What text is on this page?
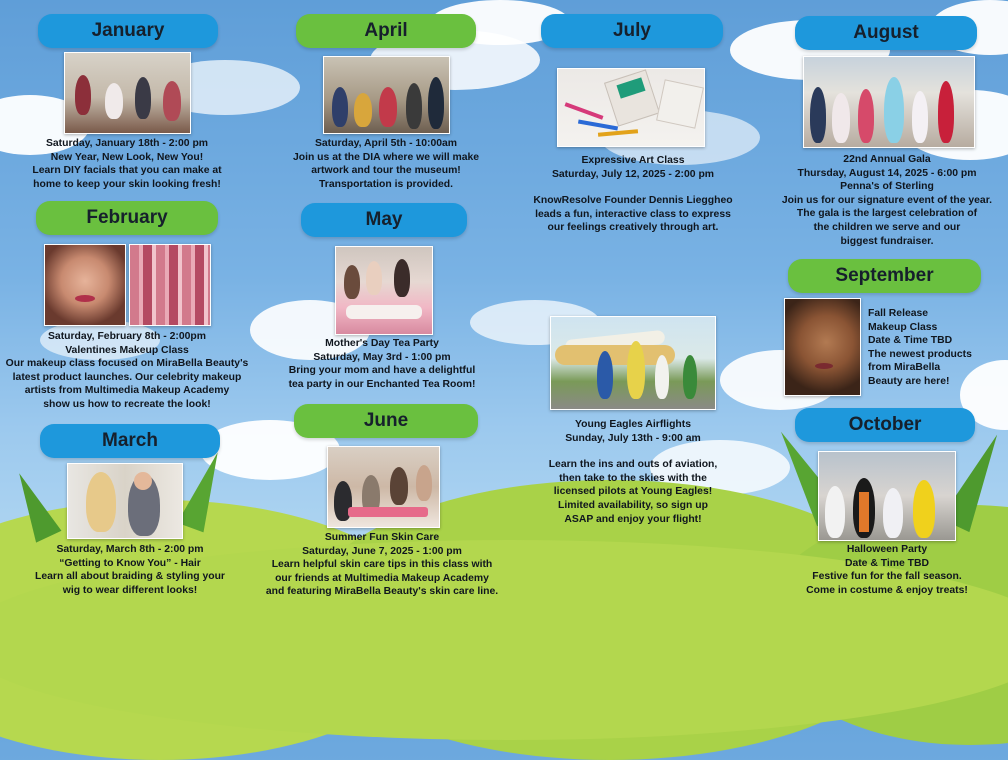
January
Saturday, January 18th - 2:00 pm
New Year, New Look, New You!
Learn DIY facials that you can make at
home to keep your skin looking fresh!
February
Saturday, February 8th - 2:00pm
Valentines Makeup Class
Our makeup class focused on MiraBella Beauty's
latest product launches. Our celebrity makeup
artists from Multimedia Makeup Academy
show us how to recreate the look!
March
Saturday, March 8th - 2:00 pm
“Getting to Know You” - Hair
Learn all about braiding & styling your
wig to wear different looks!
April
Saturday, April 5th - 10:00am
Join us at the DIA where we will make
artwork and tour the museum!
Transportation is provided.
May
Mother's Day Tea Party
Saturday, May 3rd - 1:00 pm
Bring your mom and have a delightful
tea party in our Enchanted Tea Room!
June
Summer Fun Skin Care
Saturday, June 7, 2025 - 1:00 pm
Learn helpful skin care tips in this class with
our friends at Multimedia Makeup Academy
and featuring MiraBella Beauty's skin care line.
July
Expressive Art Class
Saturday, July 12, 2025 - 2:00 pm
KnowResolve Founder Dennis Lieggheo
leads a fun, interactive class to express
our feelings creatively through art.
Young Eagles Airflights
Sunday, July 13th - 9:00 am
Learn the ins and outs of aviation,
then take to the skies with the
licensed pilots at Young Eagles!
Limited availability, so sign up
ASAP and enjoy your flight!
August
22nd Annual Gala
Thursday, August 14, 2025 - 6:00 pm
Penna's of Sterling
Join us for our signature event of the year.
The gala is the largest celebration of
the children we serve and our
biggest fundraiser.
September
Fall Release
Makeup Class
Date & Time TBD
The newest products
from MiraBella
Beauty are here!
October
Halloween Party
Date & Time TBD
Festive fun for the fall season.
Come in costume & enjoy treats!
